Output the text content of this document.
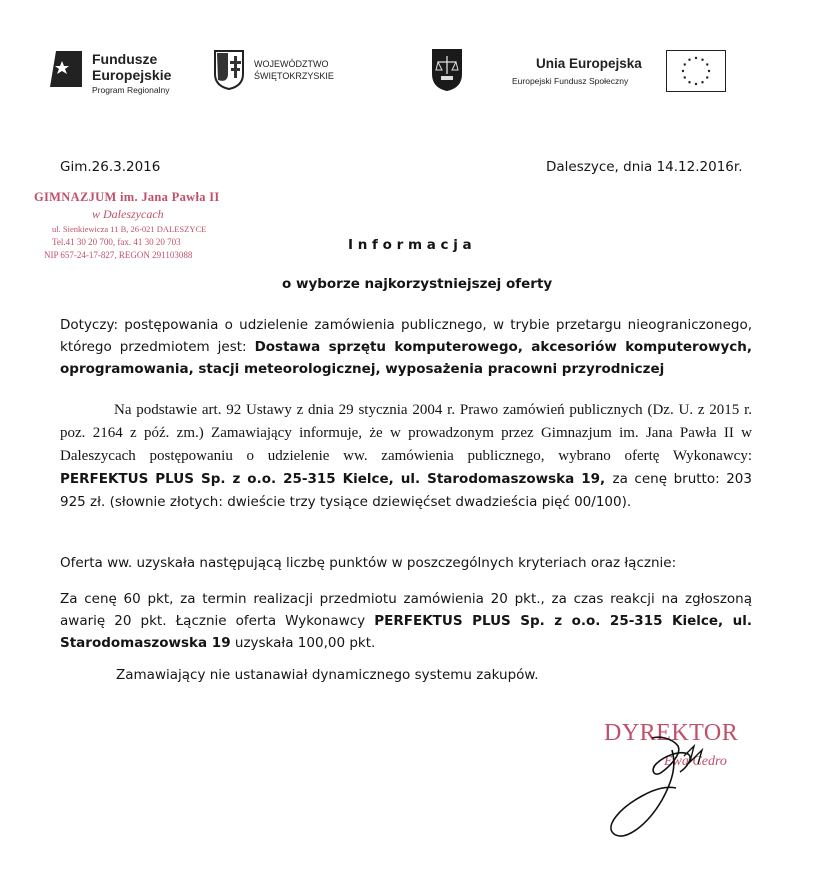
Fundusze
Europejskie
Program Regionalny
WOJEWÓDZTWO
ŚWIĘTOKRZYSKIE
Unia Europejska
Europejski Fundusz Społeczny
Gim.26.3.2016	Daleszyce, dnia 14.12.2016r.
GIMNAZJUM im. Jana Pawła II
w Daleszycach
ul. Sienkiewicza 11 B, 26-021 DALESZYCE
Tel.41 30 20 700, fax. 41 30 20 703
NIP 657-24-17-827, REGON 291103088
I n f o r m a c j a
o wyborze najkorzystniejszej oferty
Dotyczy: postępowania o udzielenie zamówienia publicznego, w trybie przetargu nieograniczonego, którego przedmiotem jest: Dostawa sprzętu komputerowego, akcesoriów komputerowych, oprogramowania, stacji meteorologicznej, wyposażenia pracowni przyrodniczej
Na podstawie art. 92 Ustawy z dnia 29 stycznia 2004 r. Prawo zamówień publicznych (Dz. U. z 2015 r. poz. 2164 z póź. zm.) Zamawiający informuje, że w prowadzonym przez Gimnazjum im. Jana Pawła II w Daleszycach postępowaniu o udzielenie ww. zamówienia publicznego, wybrano ofertę Wykonawcy: PERFEKTUS PLUS Sp. z o.o. 25-315 Kielce, ul. Starodomaszowska 19, za cenę brutto: 203 925 zł. (słownie złotych: dwieście trzy tysiące dziewięćset dwadzieścia pięć 00/100).
Oferta ww. uzyskała następującą liczbę punktów w poszczególnych kryteriach oraz łącznie:
Za cenę 60 pkt, za termin realizacji przedmiotu zamówienia 20 pkt., za czas reakcji na zgłoszoną awarię 20 pkt. Łącznie oferta Wykonawcy PERFEKTUS PLUS Sp. z o.o. 25-315 Kielce, ul. Starodomaszowska 19 uzyskała 100,00 pkt.
Zamawiający nie ustanawiał dynamicznego systemu zakupów.
DYREKTOR
Ewa Cedro
